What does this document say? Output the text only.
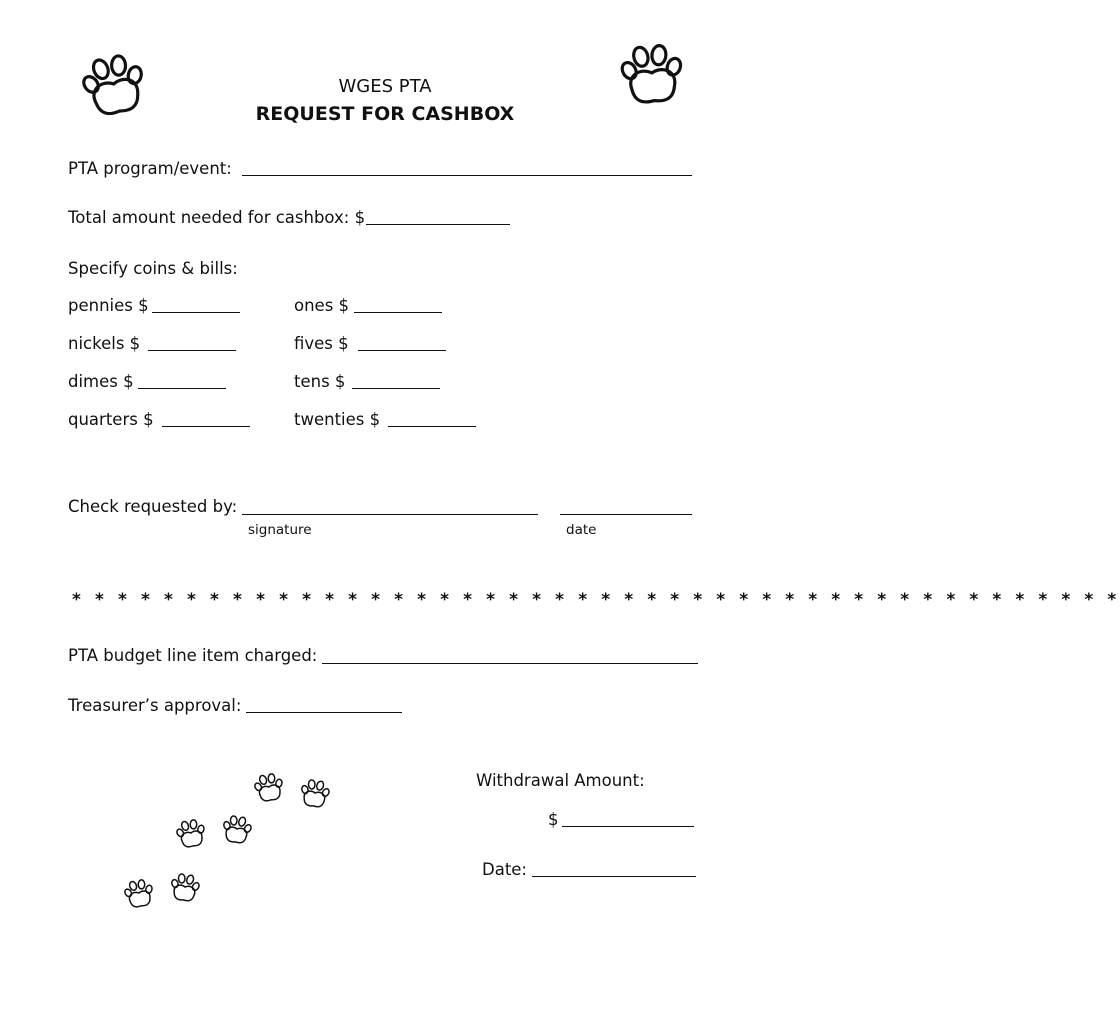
WGES PTA
REQUEST FOR CASHBOX
PTA program/event:
Total amount needed for cashbox: $
Specify coins & bills:
pennies $
nickels $
dimes $
quarters $
ones $
fives $
tens $
twenties $
Check requested by:
signature	date
* * * * * * * * * * * * * * * * * * * * * * * * * * * * * * * * * * * * * * * * * * * * * *
PTA budget line item charged:
Treasurer’s approval:
Withdrawal Amount:
$
Date:
